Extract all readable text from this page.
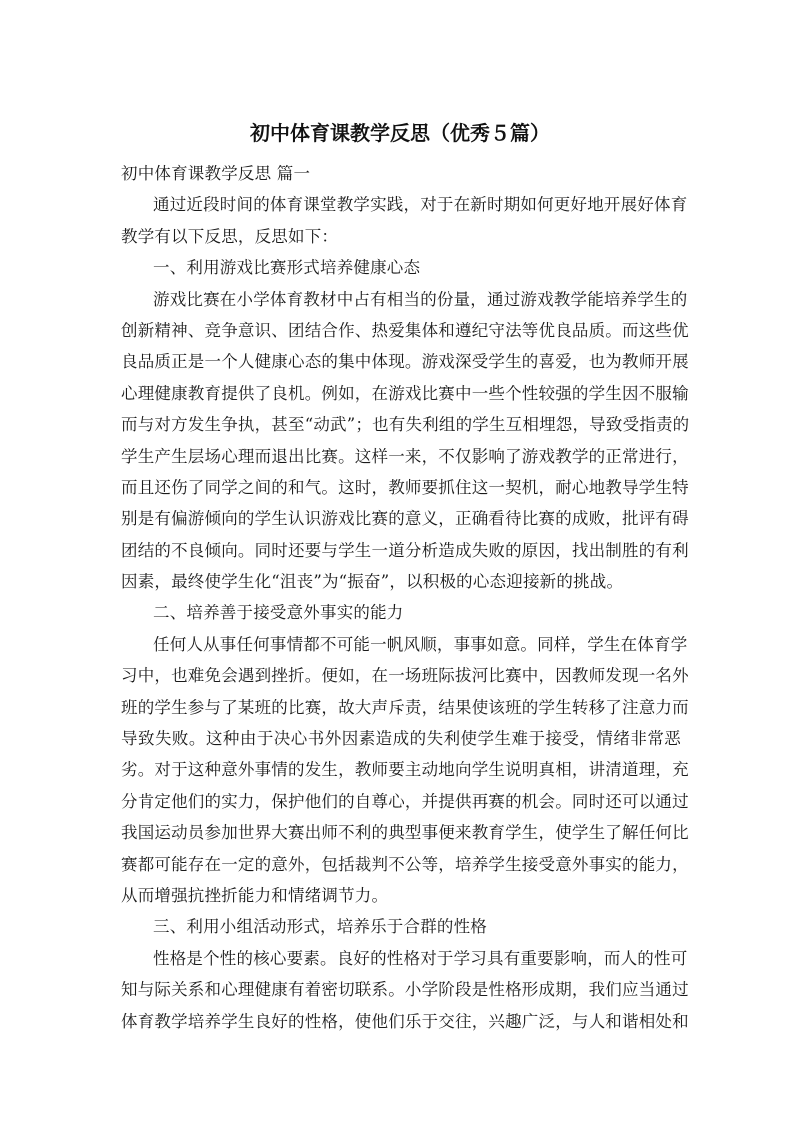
初中体育课教学反思（优秀５篇）
初中体育课教学反思 篇一
通过近段时间的体育课堂教学实践，对于在新时期如何更好地开展好体育
教学有以下反思，反思如下：
一、利用游戏比赛形式培养健康心态
游戏比赛在小学体育教材中占有相当的份量，通过游戏教学能培养学生的
创新精神、竞争意识、团结合作、热爱集体和遵纪守法等优良品质。而这些优
良品质正是一个人健康心态的集中体现。游戏深受学生的喜爱，也为教师开展
心理健康教育提供了良机。例如，在游戏比赛中一些个性较强的学生因不服输
而与对方发生争执，甚至“动武”；也有失利组的学生互相埋怨，导致受指责的
学生产生层场心理而退出比赛。这样一来，不仅影响了游戏教学的正常进行，
而且还伤了同学之间的和气。这时，教师要抓住这一契机，耐心地教导学生特
别是有偏游倾向的学生认识游戏比赛的意义，正确看待比赛的成败，批评有碍
团结的不良倾向。同时还要与学生一道分析造成失败的原因，找出制胜的有利
因素，最终使学生化“沮丧”为“振奋”，以积极的心态迎接新的挑战。
二、培养善于接受意外事实的能力
任何人从事任何事情都不可能一帆风顺，事事如意。同样，学生在体育学
习中，也难免会遇到挫折。便如，在一场班际拔河比赛中，因教师发现一名外
班的学生参与了某班的比赛，故大声斥责，结果使该班的学生转移了注意力而
导致失败。这种由于决心书外因素造成的失利使学生难于接受，情绪非常恶
劣。对于这种意外事情的发生，教师要主动地向学生说明真相，讲清道理，充
分肯定他们的实力，保护他们的自尊心，并提供再赛的机会。同时还可以通过
我国运动员参加世界大赛出师不利的典型事便来教育学生，使学生了解任何比
赛都可能存在一定的意外，包括裁判不公等，培养学生接受意外事实的能力，
从而增强抗挫折能力和情绪调节力。
三、利用小组活动形式，培养乐于合群的性格
性格是个性的核心要素。良好的性格对于学习具有重要影响，而人的性可
知与际关系和心理健康有着密切联系。小学阶段是性格形成期，我们应当通过
体育教学培养学生良好的性格，使他们乐于交往，兴趣广泛，与人和谐相处和
